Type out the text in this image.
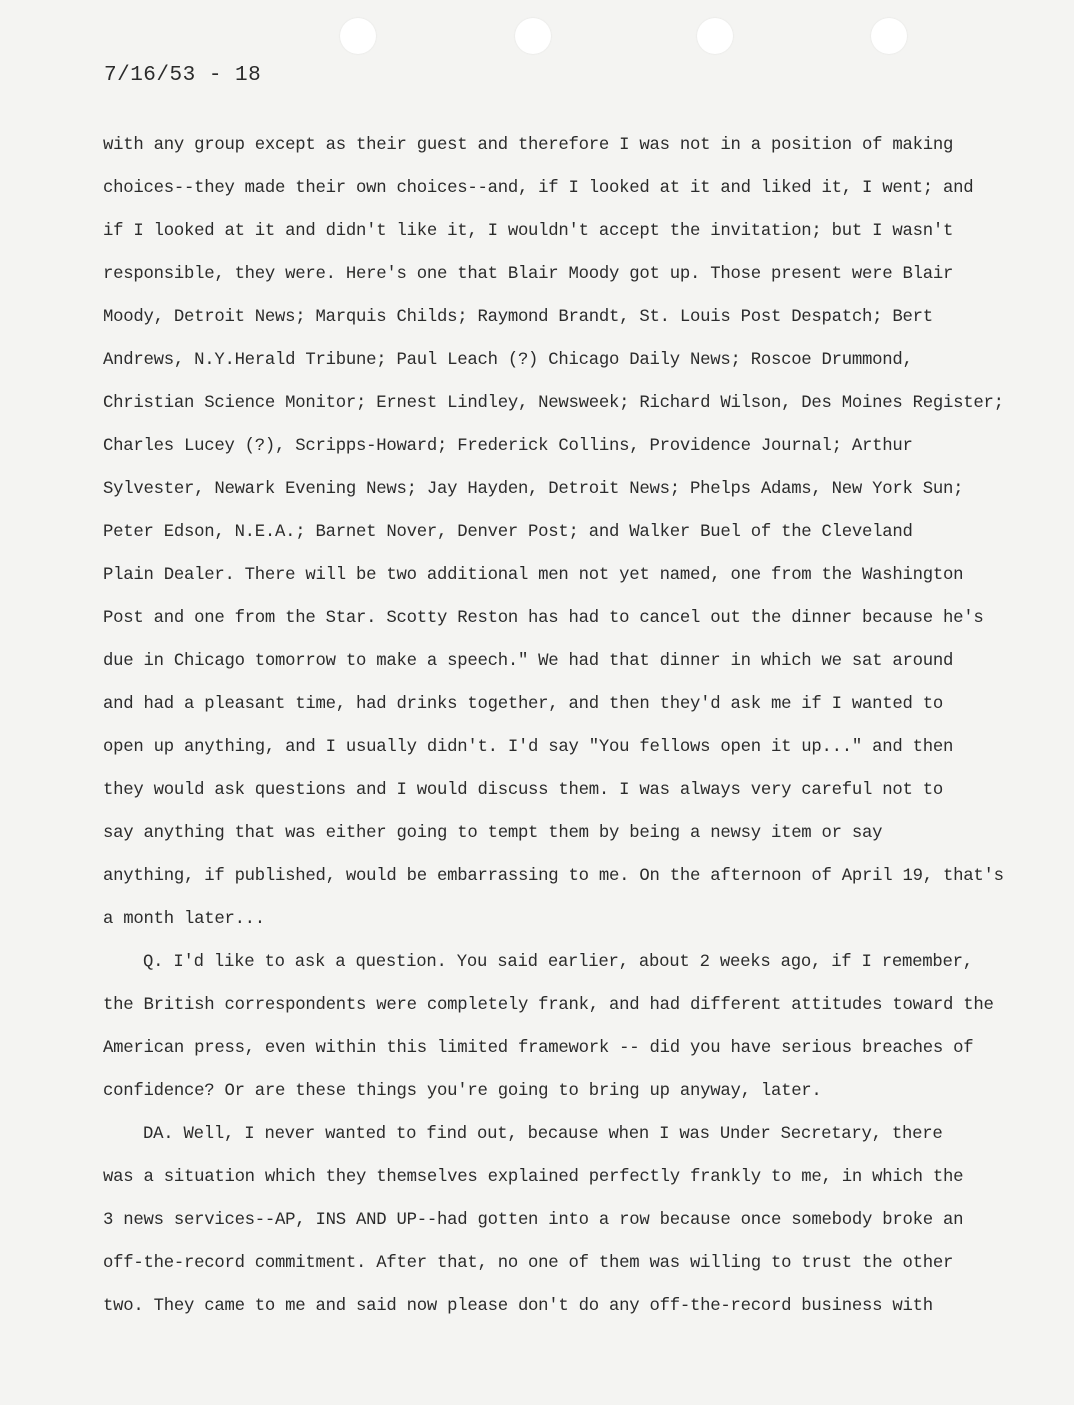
7/16/53 - 18
with any group except as their guest and therefore I was not in a position of making
choices--they made their own choices--and, if I looked at it and liked it, I went; and
if I looked at it and didn't like it, I wouldn't accept the invitation; but I wasn't
responsible, they were. Here's one that Blair Moody got up. Those present were Blair
Moody, Detroit News; Marquis Childs; Raymond Brandt, St. Louis Post Despatch; Bert
Andrews, N.Y.Herald Tribune; Paul Leach (?) Chicago Daily News; Roscoe Drummond,
Christian Science Monitor; Ernest Lindley, Newsweek; Richard Wilson, Des Moines Register;
Charles Lucey (?), Scripps-Howard; Frederick Collins, Providence Journal; Arthur
Sylvester, Newark Evening News; Jay Hayden, Detroit News; Phelps Adams, New York Sun;
Peter Edson, N.E.A.; Barnet Nover, Denver Post; and Walker Buel of the Cleveland
Plain Dealer. There will be two additional men not yet named, one from the Washington
Post and one from the Star. Scotty Reston has had to cancel out the dinner because he's
due in Chicago tomorrow to make a speech." We had that dinner in which we sat around
and had a pleasant time, had drinks together, and then they'd ask me if I wanted to
open up anything, and I usually didn't. I'd say "You fellows open it up..." and then
they would ask questions and I would discuss them. I was always very careful not to
say anything that was either going to tempt them by being a newsy item or say
anything, if published, would be embarrassing to me. On the afternoon of April 19, that's
a month later...
Q. I'd like to ask a question. You said earlier, about 2 weeks ago, if I remember,
the British correspondents were completely frank, and had different attitudes toward the
American press, even within this limited framework -- did you have serious breaches of
confidence? Or are these things you're going to bring up anyway, later.
DA. Well, I never wanted to find out, because when I was Under Secretary, there
was a situation which they themselves explained perfectly frankly to me, in which the
3 news services--AP, INS AND UP--had gotten into a row because once somebody broke an
off-the-record commitment. After that, no one of them was willing to trust the other
two. They came to me and said now please don't do any off-the-record business with
